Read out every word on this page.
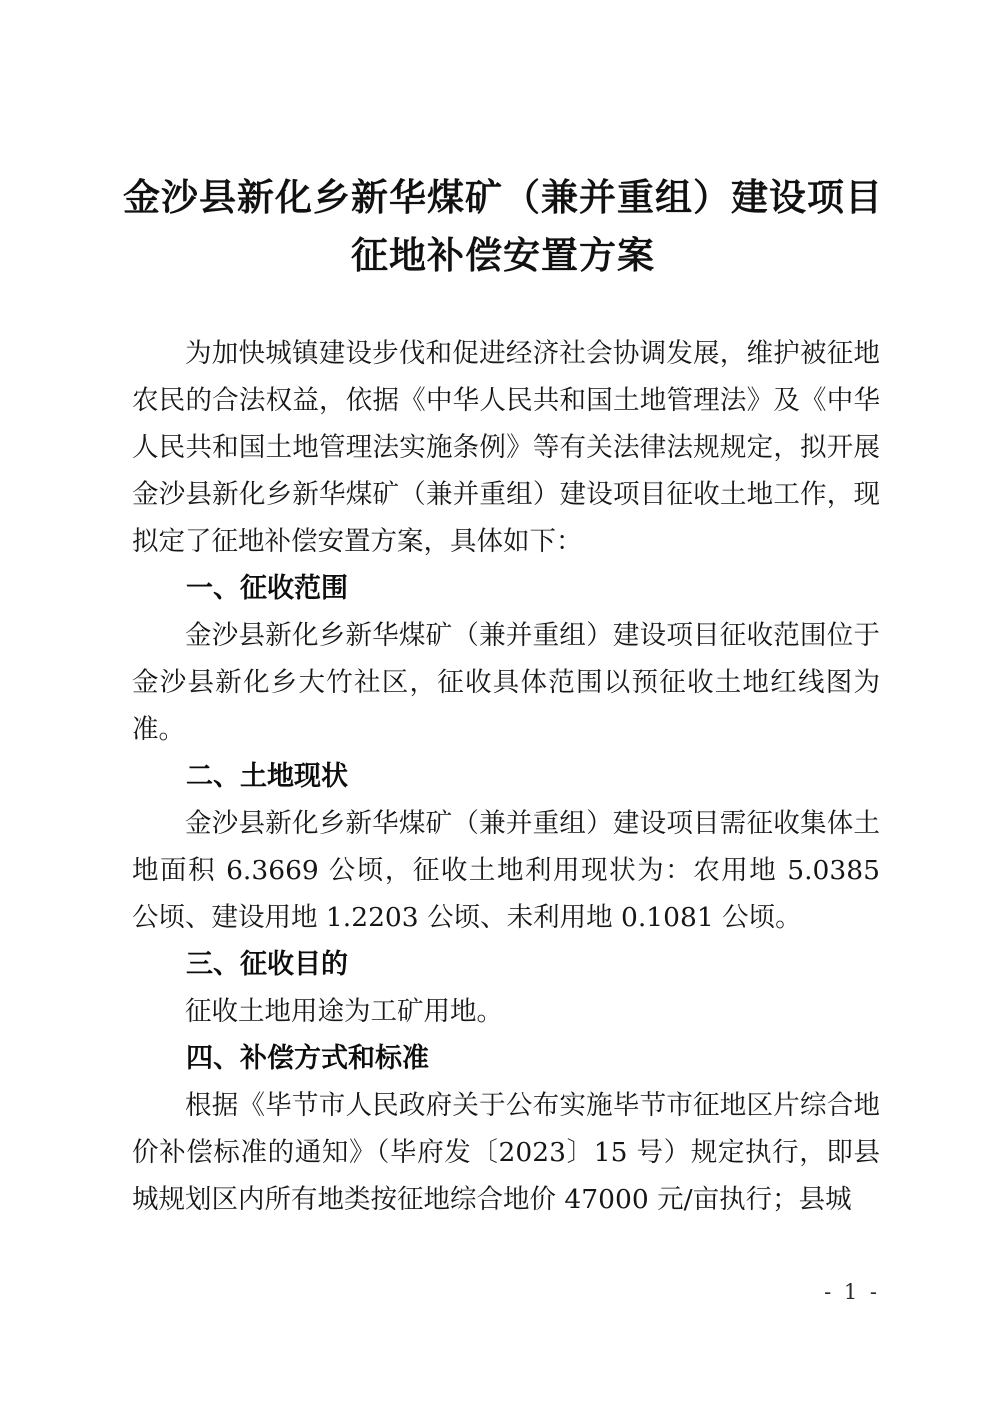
金沙县新化乡新华煤矿（兼并重组）建设项目
征地补偿安置方案

为加快城镇建设步伐和促进经济社会协调发展，维护被征地农民的合法权益，依据《中华人民共和国土地管理法》及《中华人民共和国土地管理法实施条例》等有关法律法规规定，拟开展金沙县新化乡新华煤矿（兼并重组）建设项目征收土地工作，现拟定了征地补偿安置方案，具体如下：

一、征收范围

金沙县新化乡新华煤矿（兼并重组）建设项目征收范围位于金沙县新化乡大竹社区，征收具体范围以预征收土地红线图为准。

二、土地现状

金沙县新化乡新华煤矿（兼并重组）建设项目需征收集体土地面积 6.3669 公顷，征收土地利用现状为：农用地 5.0385 公顷、建设用地 1.2203 公顷、未利用地 0.1081 公顷。

三、征收目的

征收土地用途为工矿用地。

四、补偿方式和标准

根据《毕节市人民政府关于公布实施毕节市征地区片综合地价补偿标准的通知》（毕府发〔2023〕15 号）规定执行，即县城规划区内所有地类按征地综合地价 47000 元/亩执行；县城

- 1 -
